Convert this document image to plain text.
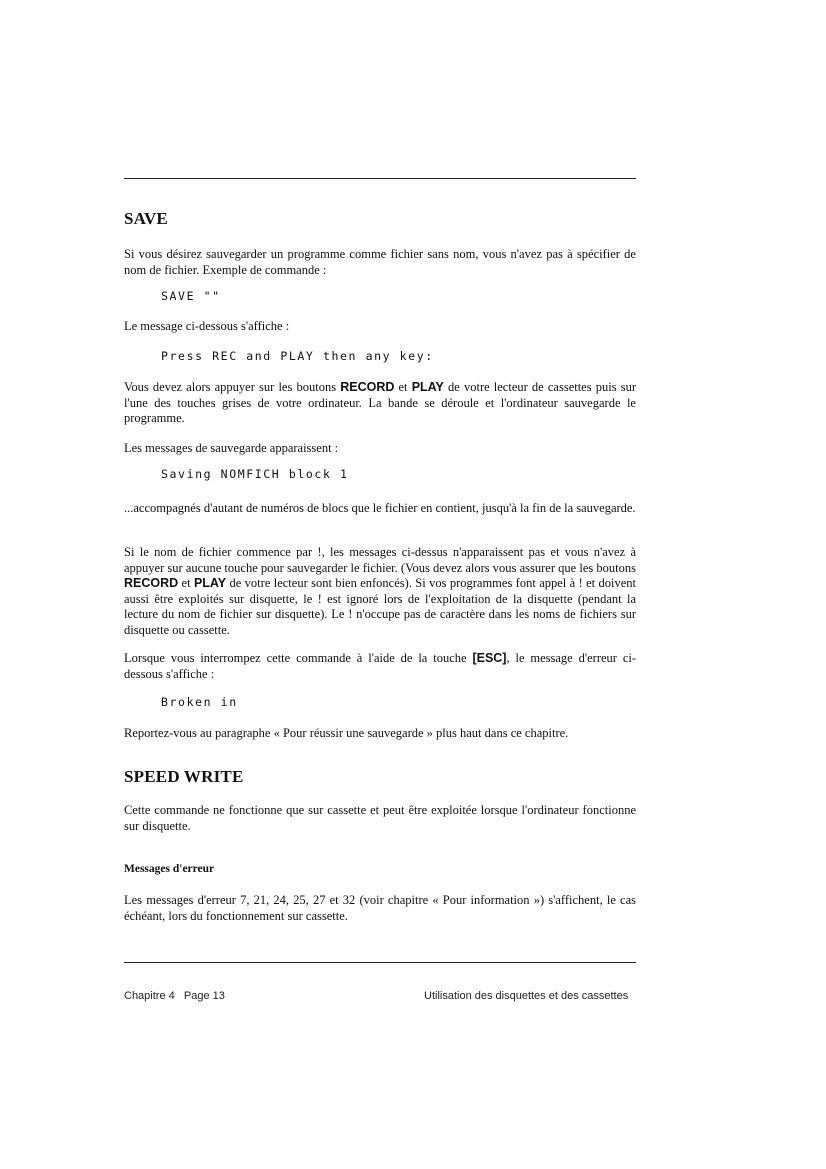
SAVE
Si vous désirez sauvegarder un programme comme fichier sans nom, vous n'avez pas à spécifier de nom de fichier. Exemple de commande :
SAVE ""
Le message ci-dessous s'affiche :
Press REC and PLAY then any key:
Vous devez alors appuyer sur les boutons RECORD et PLAY de votre lecteur de cassettes puis sur l'une des touches grises de votre ordinateur. La bande se déroule et l'ordinateur sauvegarde le programme.
Les messages de sauvegarde apparaissent :
Saving NOMFICH block 1
...accompagnés d'autant de numéros de blocs que le fichier en contient, jusqu'à la fin de la sauvegarde.
Si le nom de fichier commence par !, les messages ci-dessus n'apparaissent pas et vous n'avez à appuyer sur aucune touche pour sauvegarder le fichier. (Vous devez alors vous assurer que les boutons RECORD et PLAY de votre lecteur sont bien enfoncés). Si vos programmes font appel à ! et doivent aussi être exploités sur disquette, le ! est ignoré lors de l'exploitation de la disquette (pendant la lecture du nom de fichier sur disquette). Le ! n'occupe pas de caractère dans les noms de fichiers sur disquette ou cassette.
Lorsque vous interrompez cette commande à l'aide de la touche [ESC], le message d'erreur ci-dessous s'affiche :
Broken in
Reportez-vous au paragraphe « Pour réussir une sauvegarde » plus haut dans ce chapitre.
SPEED WRITE
Cette commande ne fonctionne que sur cassette et peut être exploitée lorsque l'ordinateur fonctionne sur disquette.
Messages d'erreur
Les messages d'erreur 7, 21, 24, 25, 27 et 32 (voir chapitre « Pour information ») s'affichent, le cas échéant, lors du fonctionnement sur cassette.
Chapitre 4   Page 13	Utilisation des disquettes et des cassettes
